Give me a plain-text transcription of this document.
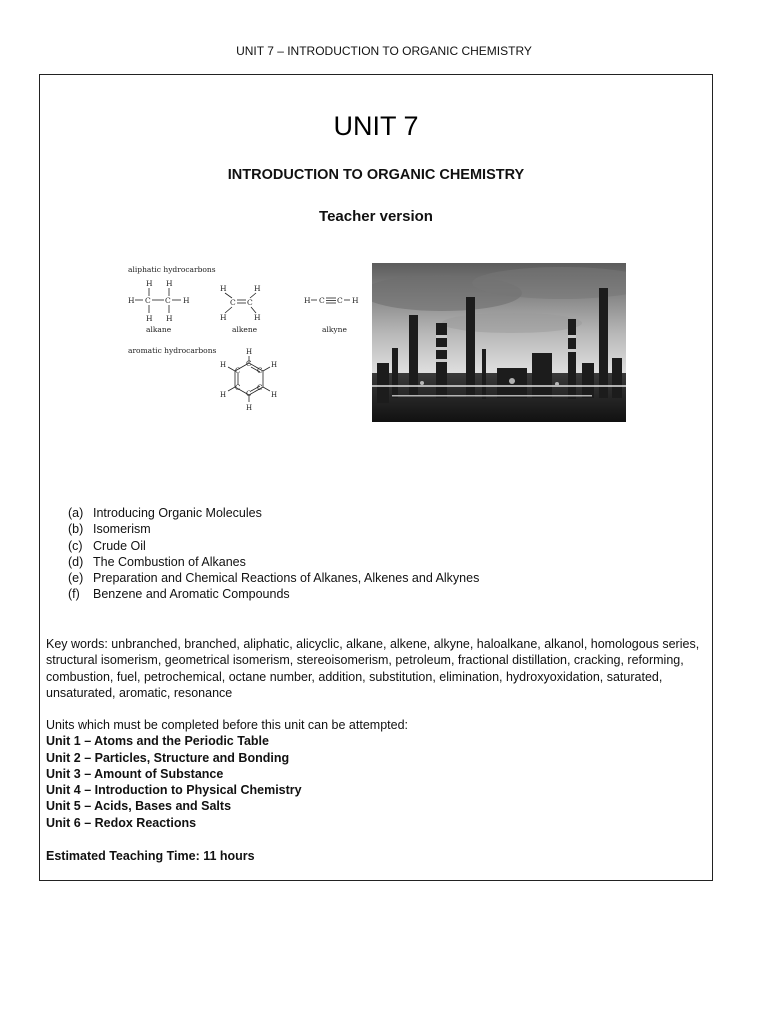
UNIT 7 – INTRODUCTION TO ORGANIC CHEMISTRY
UNIT 7
INTRODUCTION TO ORGANIC CHEMISTRY
Teacher version
aliphatic hydrocarbons
H H
H C C H
H H
alkane
H	H
C C
H	H
alkene
H C C H
alkyne
aromatic hydrocarbons	H
H
H
H
H
H	C
C
C
C
C
C
(a) Introducing Organic Molecules
(b) Isomerism
(c) Crude Oil
(d) The Combustion of Alkanes
(e) Preparation and Chemical Reactions of Alkanes, Alkenes and Alkynes
(f)	Benzene and Aromatic Compounds
Key words: unbranched, branched, aliphatic, alicyclic, alkane, alkene, alkyne, haloalkane, alkanol, homologous series, structural isomerism, geometrical isomerism, stereoisomerism, petroleum, fractional distillation, cracking, reforming, combustion, fuel, petrochemical, octane number, addition, substitution, elimination, hydroxyoxidation, saturated, unsaturated, aromatic, resonance
Units which must be completed before this unit can be attempted:
Unit 1 – Atoms and the Periodic Table
Unit 2 – Particles, Structure and Bonding
Unit 3 – Amount of Substance
Unit 4 – Introduction to Physical Chemistry
Unit 5 – Acids, Bases and Salts
Unit 6 – Redox Reactions
Estimated Teaching Time: 11 hours
